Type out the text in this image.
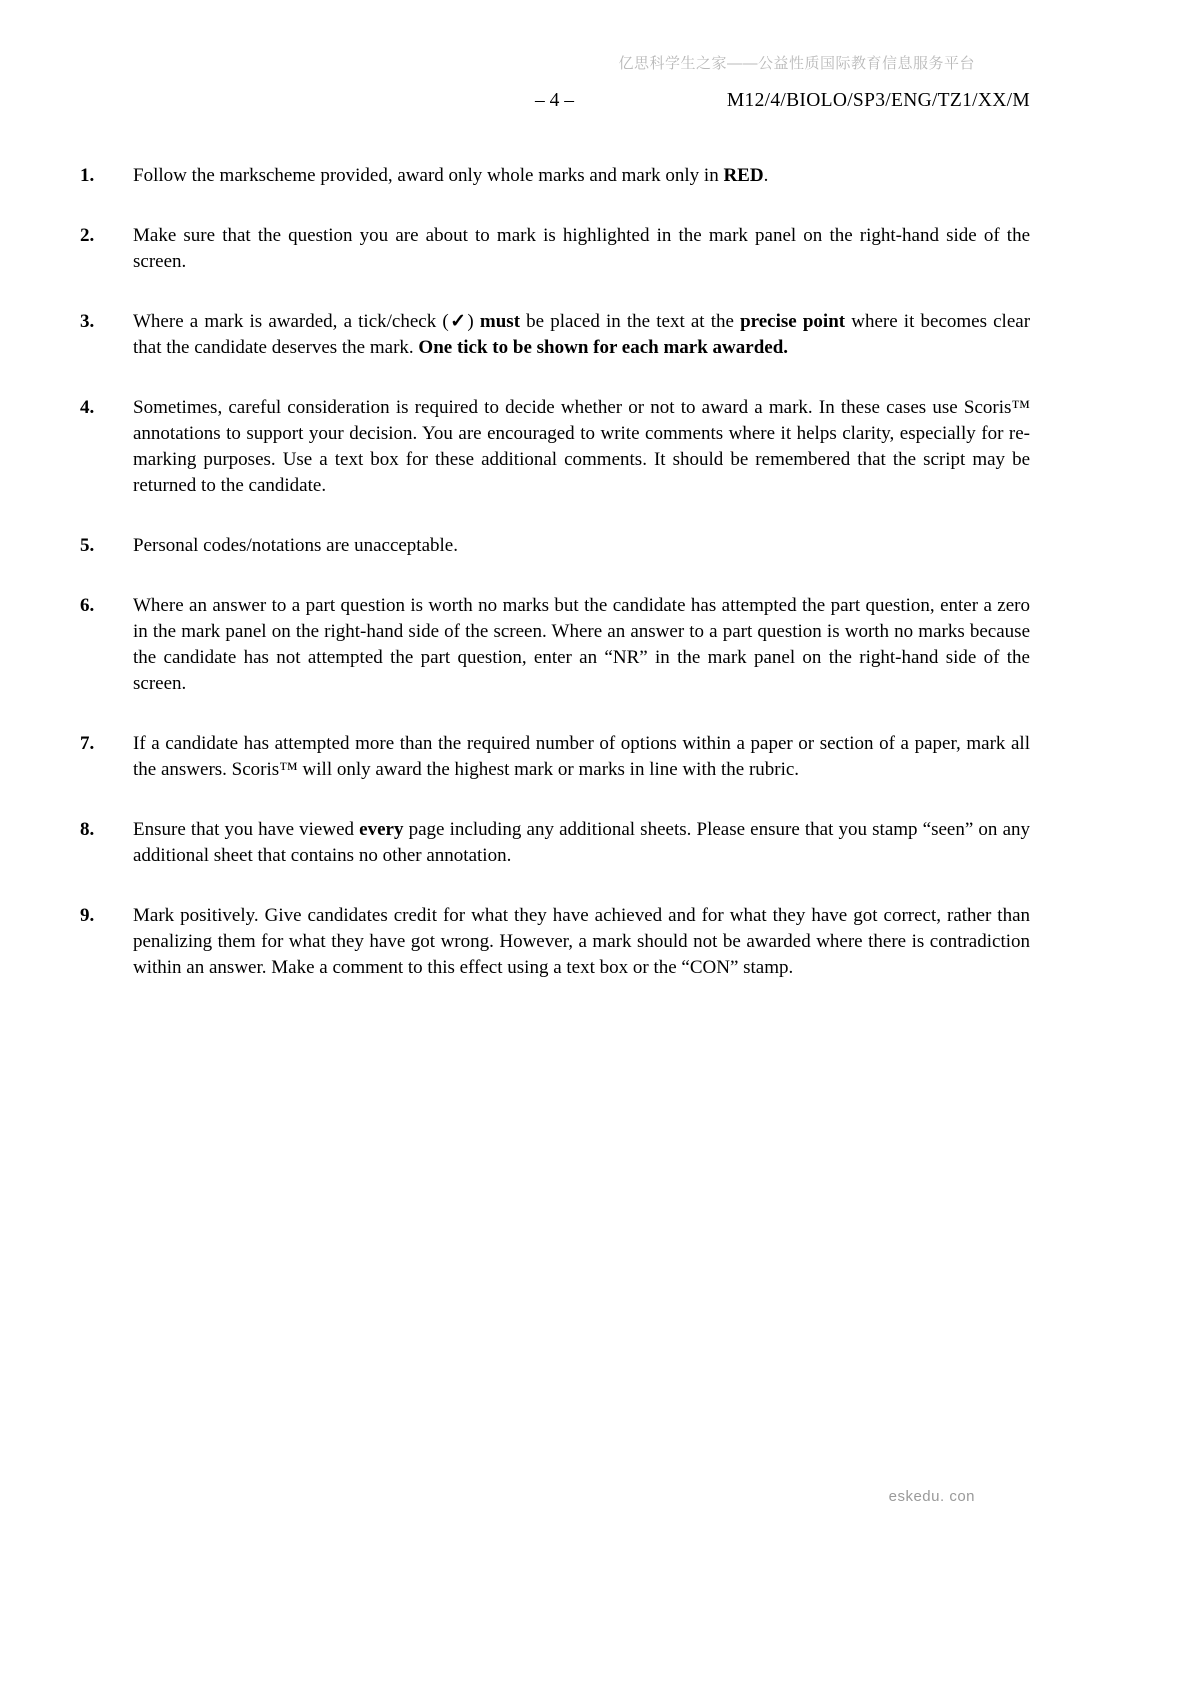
亿思科学生之家——公益性质国际教育信息服务平台
– 4 –	M12/4/BIOLO/SP3/ENG/TZ1/XX/M
1.	Follow the markscheme provided, award only whole marks and mark only in RED.
2.	Make sure that the question you are about to mark is highlighted in the mark panel on the right-hand side of the screen.
3.	Where a mark is awarded, a tick/check (✓) must be placed in the text at the precise point where it becomes clear that the candidate deserves the mark. One tick to be shown for each mark awarded.
4.	Sometimes, careful consideration is required to decide whether or not to award a mark. In these cases use Scoris™ annotations to support your decision. You are encouraged to write comments where it helps clarity, especially for re-marking purposes. Use a text box for these additional comments. It should be remembered that the script may be returned to the candidate.
5.	Personal codes/notations are unacceptable.
6.	Where an answer to a part question is worth no marks but the candidate has attempted the part question, enter a zero in the mark panel on the right-hand side of the screen. Where an answer to a part question is worth no marks because the candidate has not attempted the part question, enter an “NR” in the mark panel on the right-hand side of the screen.
7.	If a candidate has attempted more than the required number of options within a paper or section of a paper, mark all the answers. Scoris™ will only award the highest mark or marks in line with the rubric.
8.	Ensure that you have viewed every page including any additional sheets. Please ensure that you stamp “seen” on any additional sheet that contains no other annotation.
9.	Mark positively. Give candidates credit for what they have achieved and for what they have got correct, rather than penalizing them for what they have got wrong. However, a mark should not be awarded where there is contradiction within an answer. Make a comment to this effect using a text box or the “CON” stamp.
eskedu. con
